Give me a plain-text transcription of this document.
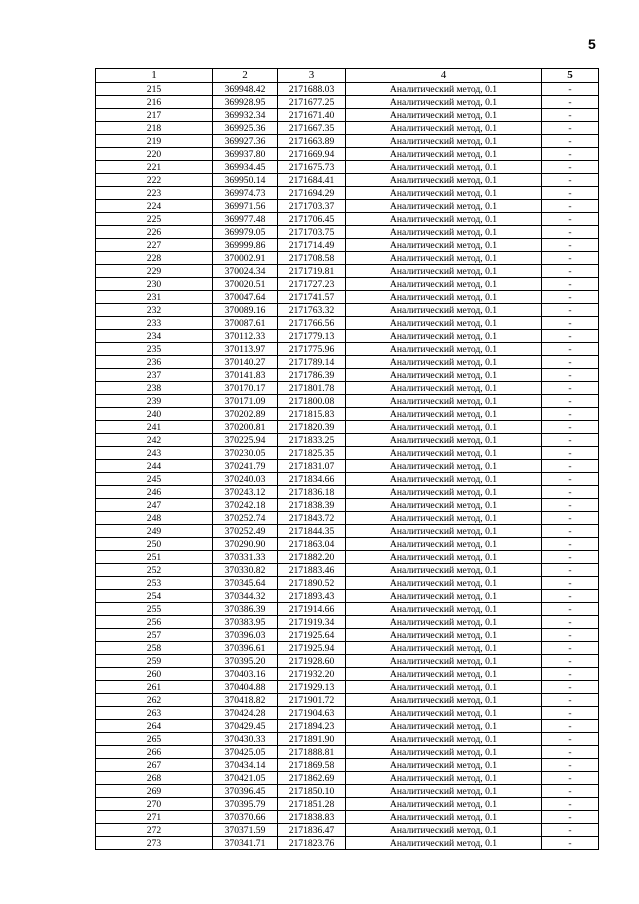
5
1	2	3	4	5
215	369948.42	2171688.03	Аналитический метод, 0.1	-
216	369928.95	2171677.25	Аналитический метод, 0.1	-
217	369932.34	2171671.40	Аналитический метод, 0.1	-
218	369925.36	2171667.35	Аналитический метод, 0.1	-
219	369927.36	2171663.89	Аналитический метод, 0.1	-
220	369937.80	2171669.94	Аналитический метод, 0.1	-
221	369934.45	2171675.73	Аналитический метод, 0.1	-
222	369950.14	2171684.41	Аналитический метод, 0.1	-
223	369974.73	2171694.29	Аналитический метод, 0.1	-
224	369971.56	2171703.37	Аналитический метод, 0.1	-
225	369977.48	2171706.45	Аналитический метод, 0.1	-
226	369979.05	2171703.75	Аналитический метод, 0.1	-
227	369999.86	2171714.49	Аналитический метод, 0.1	-
228	370002.91	2171708.58	Аналитический метод, 0.1	-
229	370024.34	2171719.81	Аналитический метод, 0.1	-
230	370020.51	2171727.23	Аналитический метод, 0.1	-
231	370047.64	2171741.57	Аналитический метод, 0.1	-
232	370089.16	2171763.32	Аналитический метод, 0.1	-
233	370087.61	2171766.56	Аналитический метод, 0.1	-
234	370112.33	2171779.13	Аналитический метод, 0.1	-
235	370113.97	2171775.96	Аналитический метод, 0.1	-
236	370140.27	2171789.14	Аналитический метод, 0.1	-
237	370141.83	2171786.39	Аналитический метод, 0.1	-
238	370170.17	2171801.78	Аналитический метод, 0.1	-
239	370171.09	2171800.08	Аналитический метод, 0.1	-
240	370202.89	2171815.83	Аналитический метод, 0.1	-
241	370200.81	2171820.39	Аналитический метод, 0.1	-
242	370225.94	2171833.25	Аналитический метод, 0.1	-
243	370230.05	2171825.35	Аналитический метод, 0.1	-
244	370241.79	2171831.07	Аналитический метод, 0.1	-
245	370240.03	2171834.66	Аналитический метод, 0.1	-
246	370243.12	2171836.18	Аналитический метод, 0.1	-
247	370242.18	2171838.39	Аналитический метод, 0.1	-
248	370252.74	2171843.72	Аналитический метод, 0.1	-
249	370252.49	2171844.35	Аналитический метод, 0.1	-
250	370290.90	2171863.04	Аналитический метод, 0.1	-
251	370331.33	2171882.20	Аналитический метод, 0.1	-
252	370330.82	2171883.46	Аналитический метод, 0.1	-
253	370345.64	2171890.52	Аналитический метод, 0.1	-
254	370344.32	2171893.43	Аналитический метод, 0.1	-
255	370386.39	2171914.66	Аналитический метод, 0.1	-
256	370383.95	2171919.34	Аналитический метод, 0.1	-
257	370396.03	2171925.64	Аналитический метод, 0.1	-
258	370396.61	2171925.94	Аналитический метод, 0.1	-
259	370395.20	2171928.60	Аналитический метод, 0.1	-
260	370403.16	2171932.20	Аналитический метод, 0.1	-
261	370404.88	2171929.13	Аналитический метод, 0.1	-
262	370418.82	2171901.72	Аналитический метод, 0.1	-
263	370424.28	2171904.63	Аналитический метод, 0.1	-
264	370429.45	2171894.23	Аналитический метод, 0.1	-
265	370430.33	2171891.90	Аналитический метод, 0.1	-
266	370425.05	2171888.81	Аналитический метод, 0.1	-
267	370434.14	2171869.58	Аналитический метод, 0.1	-
268	370421.05	2171862.69	Аналитический метод, 0.1	-
269	370396.45	2171850.10	Аналитический метод, 0.1	-
270	370395.79	2171851.28	Аналитический метод, 0.1	-
271	370370.66	2171838.83	Аналитический метод, 0.1	-
272	370371.59	2171836.47	Аналитический метод, 0.1	-
273	370341.71	2171823.76	Аналитический метод, 0.1	-
